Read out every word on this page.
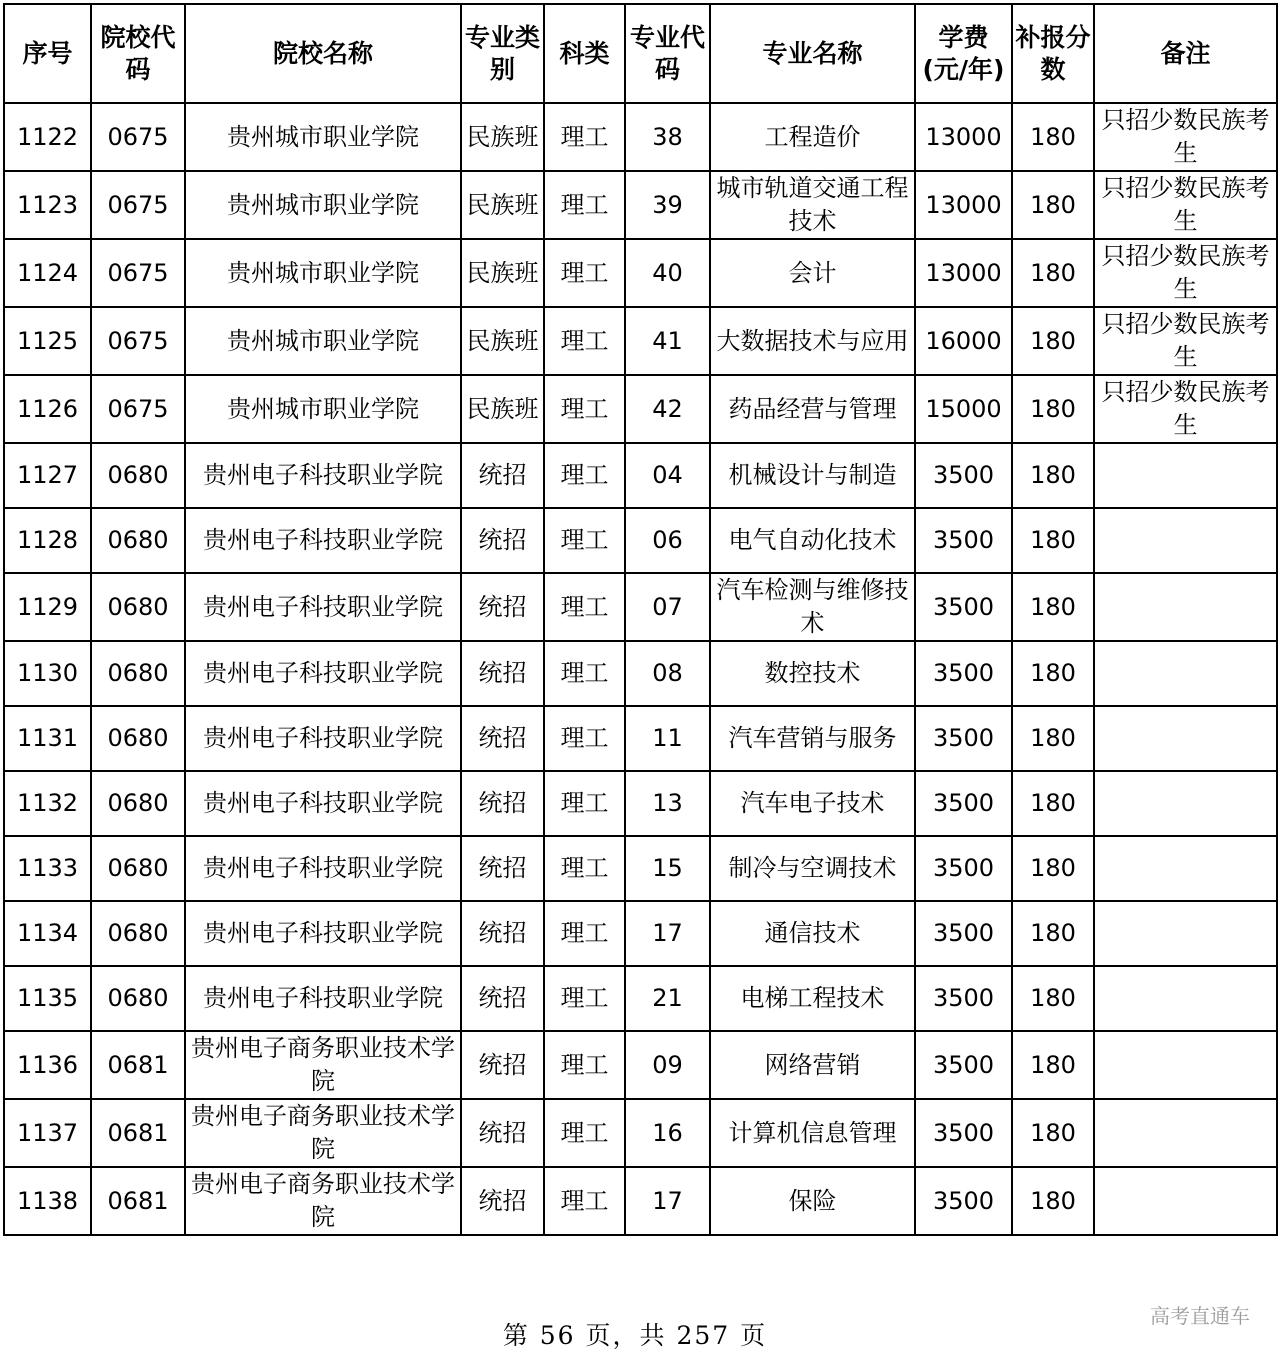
序号	院校代码	院校名称	专业类别	科类	专业代码	专业名称	学费(元/年)	补报分数	备注
1122	0675	贵州城市职业学院	民族班	理工	38	工程造价	13000	180	只招少数民族考生
1123	0675	贵州城市职业学院	民族班	理工	39	城市轨道交通工程技术	13000	180	只招少数民族考生
1124	0675	贵州城市职业学院	民族班	理工	40	会计	13000	180	只招少数民族考生
1125	0675	贵州城市职业学院	民族班	理工	41	大数据技术与应用	16000	180	只招少数民族考生
1126	0675	贵州城市职业学院	民族班	理工	42	药品经营与管理	15000	180	只招少数民族考生
1127	0680	贵州电子科技职业学院	统招	理工	04	机械设计与制造	3500	180	
1128	0680	贵州电子科技职业学院	统招	理工	06	电气自动化技术	3500	180	
1129	0680	贵州电子科技职业学院	统招	理工	07	汽车检测与维修技术	3500	180	
1130	0680	贵州电子科技职业学院	统招	理工	08	数控技术	3500	180	
1131	0680	贵州电子科技职业学院	统招	理工	11	汽车营销与服务	3500	180	
1132	0680	贵州电子科技职业学院	统招	理工	13	汽车电子技术	3500	180	
1133	0680	贵州电子科技职业学院	统招	理工	15	制冷与空调技术	3500	180	
1134	0680	贵州电子科技职业学院	统招	理工	17	通信技术	3500	180	
1135	0680	贵州电子科技职业学院	统招	理工	21	电梯工程技术	3500	180	
1136	0681	贵州电子商务职业技术学院	统招	理工	09	网络营销	3500	180	
1137	0681	贵州电子商务职业技术学院	统招	理工	16	计算机信息管理	3500	180	
1138	0681	贵州电子商务职业技术学院	统招	理工	17	保险	3500	180	
第 56 页，共 257 页
高考直通车
